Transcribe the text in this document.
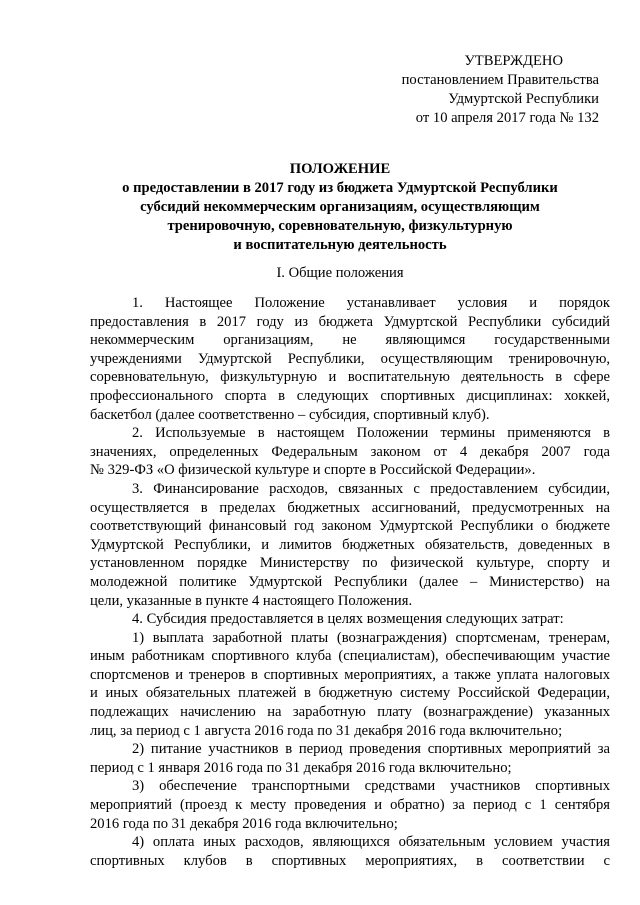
УТВЕРЖДЕНО
постановлением Правительства
Удмуртской Республики
от 10 апреля 2017 года № 132
ПОЛОЖЕНИЕ
о предоставлении в 2017 году из бюджета Удмуртской Республики
субсидий некоммерческим организациям, осуществляющим
тренировочную, соревновательную, физкультурную
и воспитательную деятельность
I. Общие положения

1. Настоящее Положение устанавливает условия и порядок
предоставления в 2017 году из бюджета Удмуртской Республики субсидий
некоммерческим организациям, не являющимся государственными
учреждениями Удмуртской Республики, осуществляющим тренировочную,
соревновательную, физкультурную и воспитательную деятельность в сфере
профессионального спорта в следующих спортивных дисциплинах: хоккей,
баскетбол (далее соответственно – субсидия, спортивный клуб).

2. Используемые в настоящем Положении термины применяются в
значениях, определенных Федеральным законом от 4 декабря 2007 года
№ 329-ФЗ «О физической культуре и спорте в Российской Федерации».

3. Финансирование расходов, связанных с предоставлением субсидии,
осуществляется в пределах бюджетных ассигнований, предусмотренных на
соответствующий финансовый год законом Удмуртской Республики о бюджете
Удмуртской Республики, и лимитов бюджетных обязательств, доведенных в
установленном порядке Министерству по физической культуре, спорту и
молодежной политике Удмуртской Республики (далее – Министерство) на
цели, указанные в пункте 4 настоящего Положения.

4. Субсидия предоставляется в целях возмещения следующих затрат:

1) выплата заработной платы (вознаграждения) спортсменам, тренерам,
иным работникам спортивного клуба (специалистам), обеспечивающим участие
спортсменов и тренеров в спортивных мероприятиях, а также уплата налоговых
и иных обязательных платежей в бюджетную систему Российской Федерации,
подлежащих начислению на заработную плату (вознаграждение) указанных
лиц, за период с 1 августа 2016 года по 31 декабря 2016 года включительно;

2) питание участников в период проведения спортивных мероприятий за
период с 1 января 2016 года по 31 декабря 2016 года включительно;

3) обеспечение транспортными средствами участников спортивных
мероприятий (проезд к месту проведения и обратно) за период с 1 сентября
2016 года по 31 декабря 2016 года включительно;

4) оплата иных расходов, являющихся обязательным условием участия
спортивных клубов в спортивных мероприятиях, в соответствии с
